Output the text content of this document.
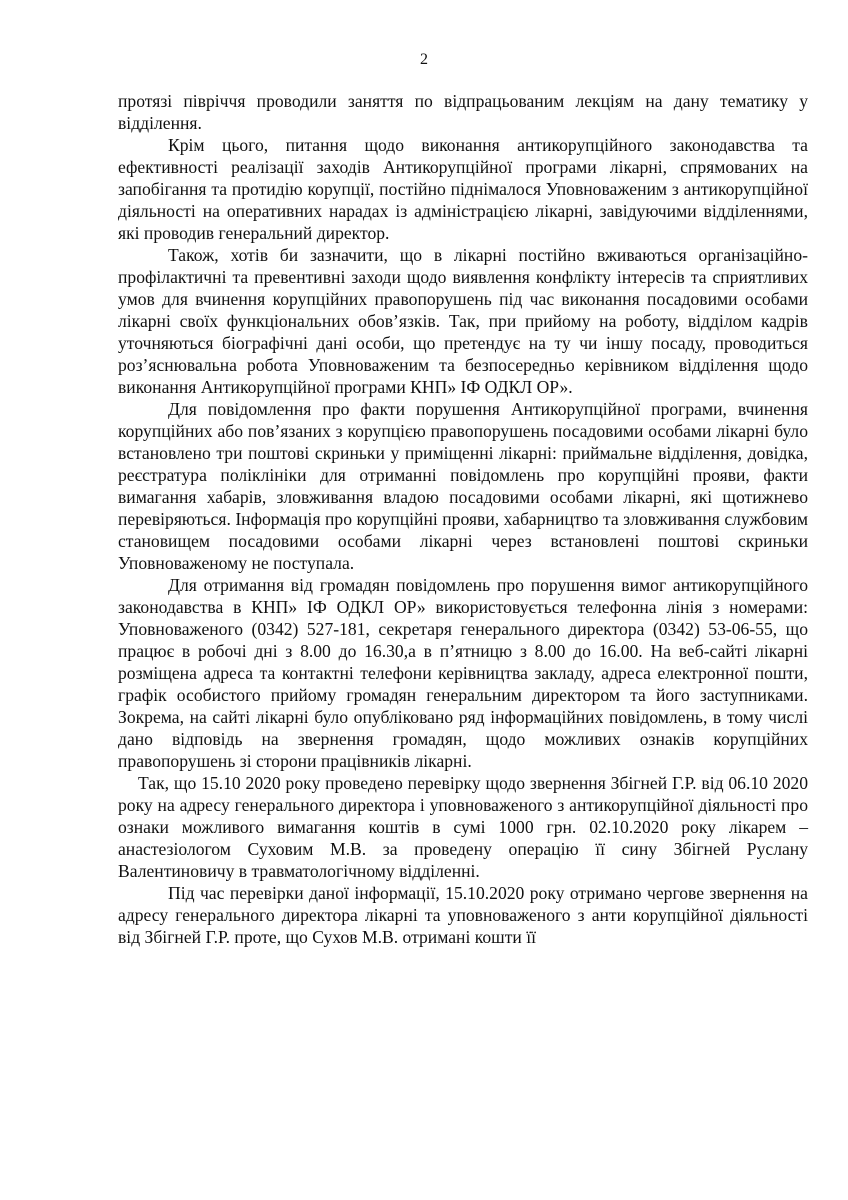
2

протязі півріччя проводили заняття по відпрацьованим лекціям на дану тематику у відділення.

Крім цього, питання щодо виконання антикорупційного законодавства та ефективності реалізації заходів Антикорупційної програми лікарні, спрямованих на запобігання та протидію корупції, постійно піднімалося Уповноваженим з антикорупційної діяльності на оперативних нарадах із адміністрацією лікарні, завідуючими відділеннями, які проводив генеральний директор.

Також, хотів би зазначити, що в лікарні постійно вживаються організаційно-профілактичні та превентивні заходи щодо виявлення конфлікту інтересів та сприятливих умов для вчинення корупційних правопорушень під час виконання посадовими особами лікарні своїх функціональних обов’язків. Так, при прийому на роботу, відділом кадрів уточняються біографічні дані особи, що претендує на ту чи іншу посаду, проводиться роз’яснювальна робота Уповноваженим та безпосередньо керівником відділення щодо виконання Антикорупційної програми КНП» ІФ ОДКЛ ОР».

Для повідомлення про факти порушення Антикорупційної програми, вчинення корупційних або пов’язаних з корупцією правопорушень посадовими особами лікарні було встановлено три поштові скриньки у приміщенні лікарні: приймальне відділення, довідка, реєстратура поліклініки для отриманні повідомлень про корупційні прояви, факти вимагання хабарів, зловживання владою посадовими особами лікарні, які щотижнево перевіряються. Інформація про корупційні прояви, хабарництво та зловживання службовим становищем посадовими особами лікарні через встановлені поштові скриньки Уповноваженому не поступала.

Для отримання від громадян повідомлень про порушення вимог антикорупційного законодавства в КНП» ІФ ОДКЛ ОР» використовується телефонна лінія з номерами: Уповноваженого (0342) 527-181, секретаря генерального директора (0342) 53-06-55, що працює в робочі дні з 8.00 до 16.30,а в п’ятницю з 8.00 до 16.00. На веб-сайті лікарні розміщена адреса та контактні телефони керівництва закладу, адреса електронної пошти, графік особистого прийому громадян генеральним директором та його заступниками. Зокрема, на сайті лікарні було опубліковано ряд інформаційних повідомлень, в тому числі дано відповідь на звернення громадян, щодо можливих ознаків корупційних правопорушень зі сторони працівників лікарні.

Так, що 15.10 2020 року проведено перевірку щодо звернення Збігней Г.Р. від 06.10 2020 року на адресу генерального директора і уповноваженого з антикорупційної діяльності про ознаки можливого вимагання коштів в сумі 1000 грн. 02.10.2020 року лікарем –анастезіологом Суховим М.В. за проведену операцію її сину Збігней Руслану Валентиновичу в травматологічному відділенні.

Під час перевірки даної інформації, 15.10.2020 року отримано чергове звернення на адресу генерального директора лікарні та уповноваженого з анти корупційної діяльності від Збігней Г.Р. проте, що Сухов М.В. отримані кошти її
